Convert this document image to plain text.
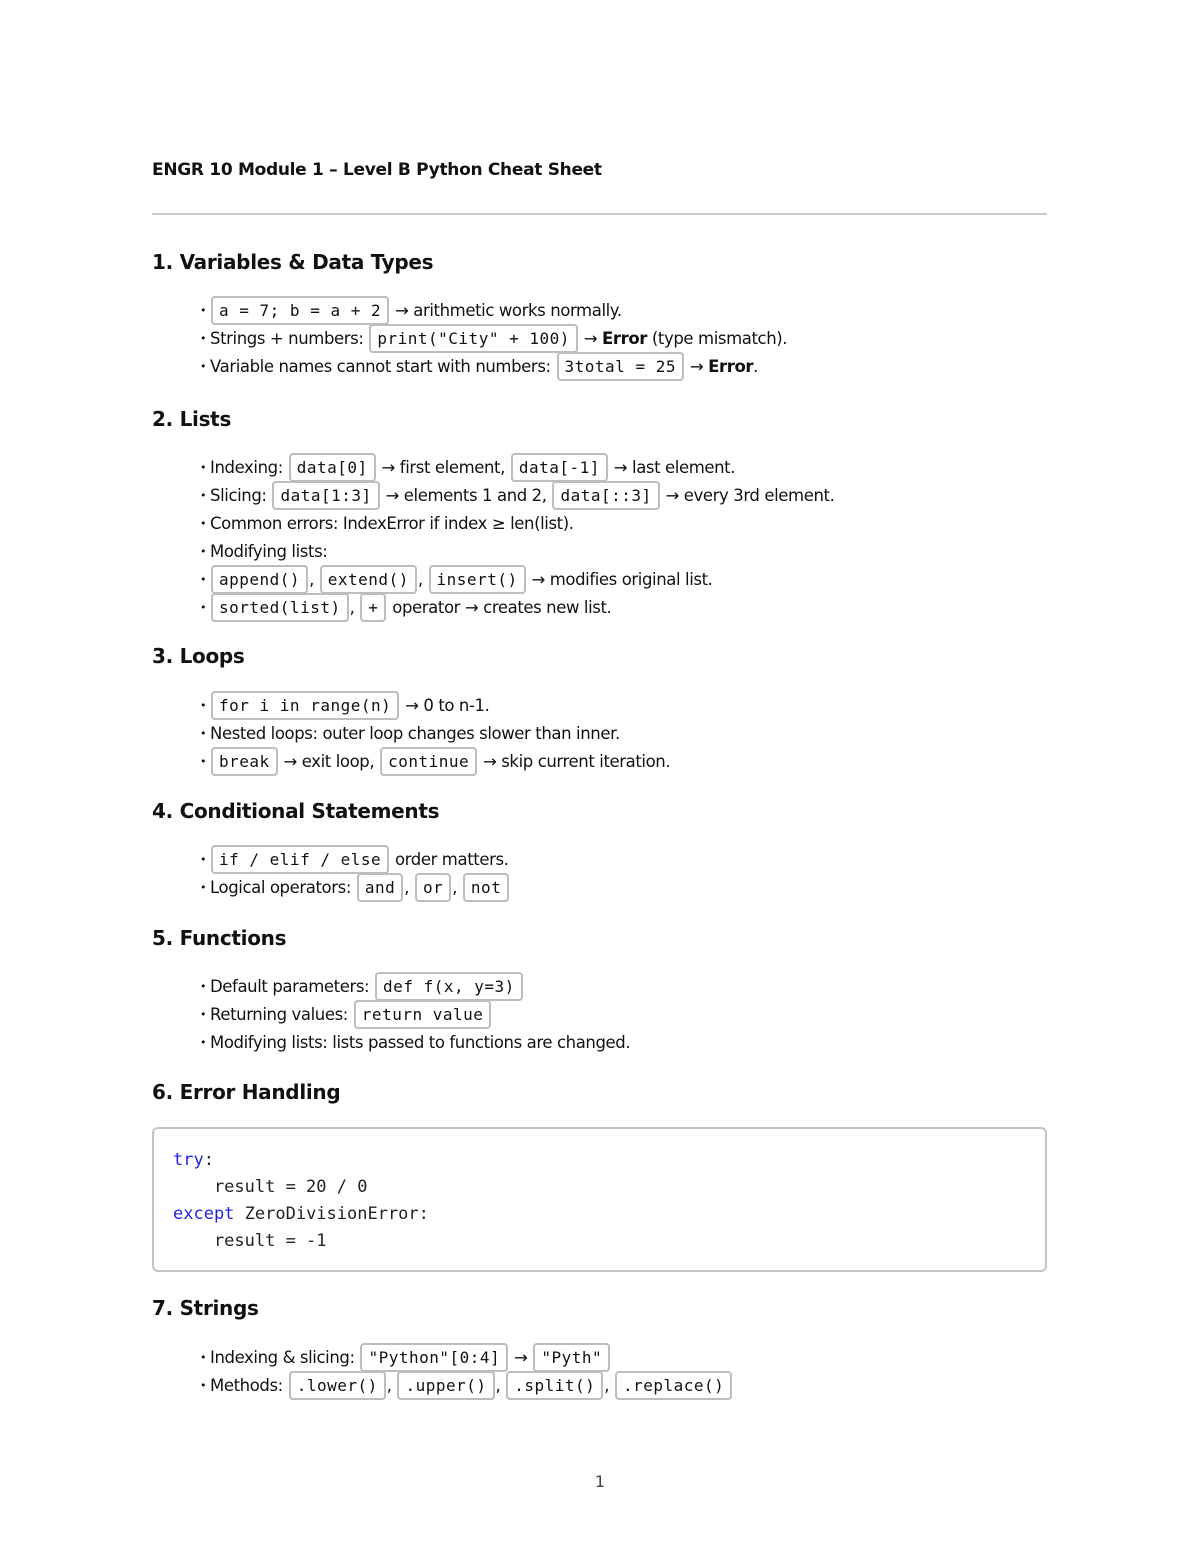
ENGR 10 Module 1 – Level B Python Cheat Sheet
1. Variables & Data Types
• a = 7; b = a + 2 → arithmetic works normally.
• Strings + numbers: print("City" + 100) → Error (type mismatch).
• Variable names cannot start with numbers: 3total = 25 → Error.
2. Lists
• Indexing: data[0] → first element, data[-1] → last element.
• Slicing: data[1:3] → elements 1 and 2, data[::3] → every 3rd element.
• Common errors: IndexError if index ≥ len(list).
• Modifying lists:
• append() , extend() , insert() → modifies original list.
• sorted(list) , + operator → creates new list.
3. Loops
• for i in range(n) → 0 to n-1.
• Nested loops: outer loop changes slower than inner.
• break → exit loop, continue → skip current iteration.
4. Conditional Statements
• if / elif / else order matters.
• Logical operators: and , or , not
5. Functions
• Default parameters: def f(x, y=3)
• Returning values: return value
• Modifying lists: lists passed to functions are changed.
6. Error Handling
try:
result = 20 / 0
except ZeroDivisionError:
result = -1
7. Strings
• Indexing & slicing: "Python"[0:4] → "Pyth"
• Methods: .lower() , .upper() , .split() , .replace()
1
